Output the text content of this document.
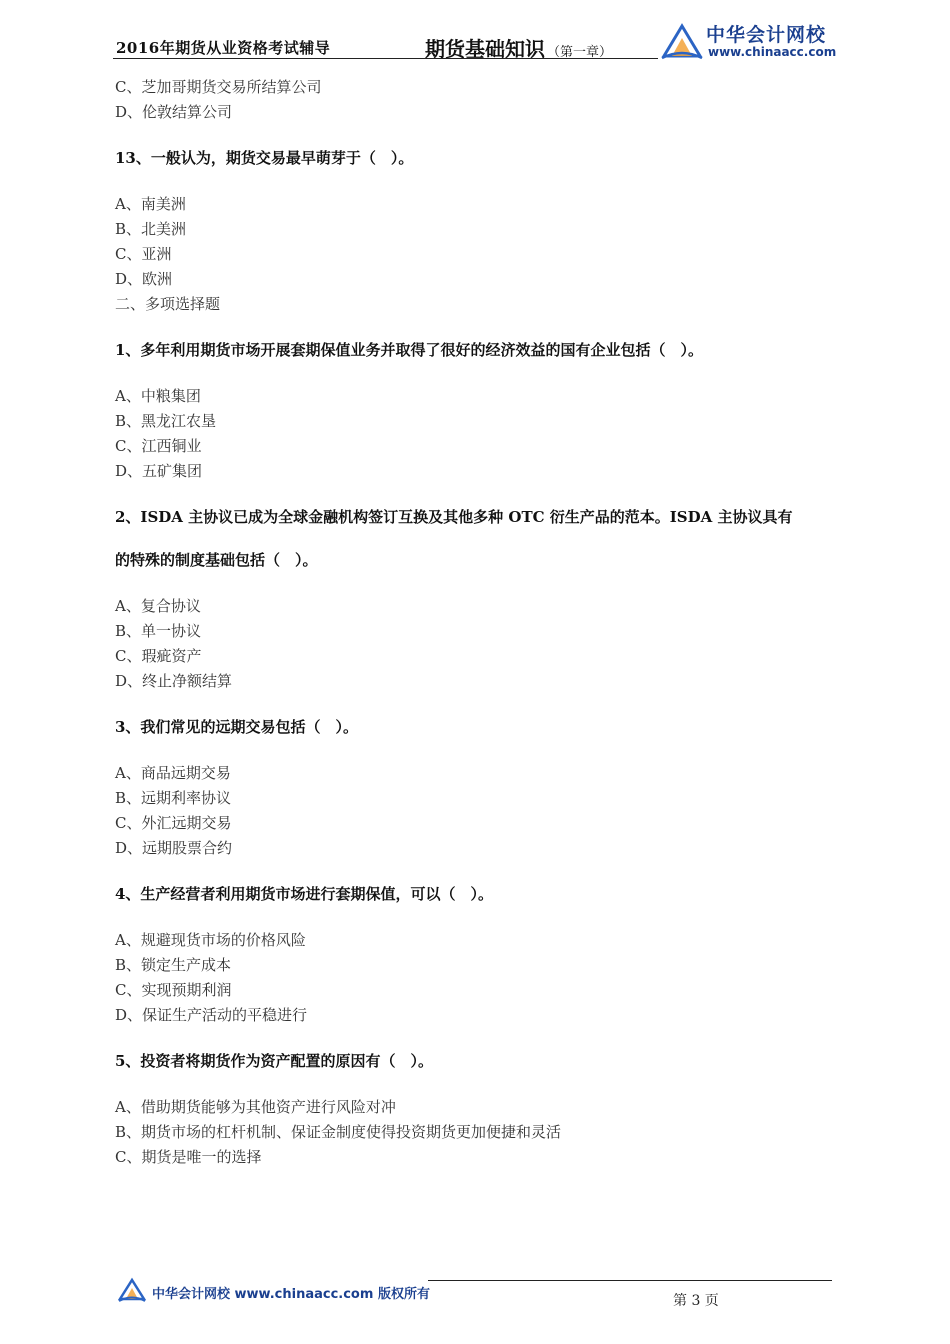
2016年期货从业资格考试辅导	期货基础知识 （第一章）
中华会计网校
www.chinaacc.com
C、芝加哥期货交易所结算公司
D、伦敦结算公司
13、一般认为，期货交易最早萌芽于（　）。
A、南美洲
B、北美洲
C、亚洲
D、欧洲
二、多项选择题
1、多年利用期货市场开展套期保值业务并取得了很好的经济效益的国有企业包括（　）。
A、中粮集团
B、黑龙江农垦
C、江西铜业
D、五矿集团
2、ISDA 主协议已成为全球金融机构签订互换及其他多种 OTC 衍生产品的范本。ISDA 主协议具有
的特殊的制度基础包括（　）。
A、复合协议
B、单一协议
C、瑕疵资产
D、终止净额结算
3、我们常见的远期交易包括（　）。
A、商品远期交易
B、远期利率协议
C、外汇远期交易
D、远期股票合约
4、生产经营者利用期货市场进行套期保值，可以（　）。
A、规避现货市场的价格风险
B、锁定生产成本
C、实现预期利润
D、保证生产活动的平稳进行
5、投资者将期货作为资产配置的原因有（　）。
A、借助期货能够为其他资产进行风险对冲
B、期货市场的杠杆机制、保证金制度使得投资期货更加便捷和灵活
C、期货是唯一的选择
中华会计网校 www.chinaacc.com 版权所有	第 3 页
